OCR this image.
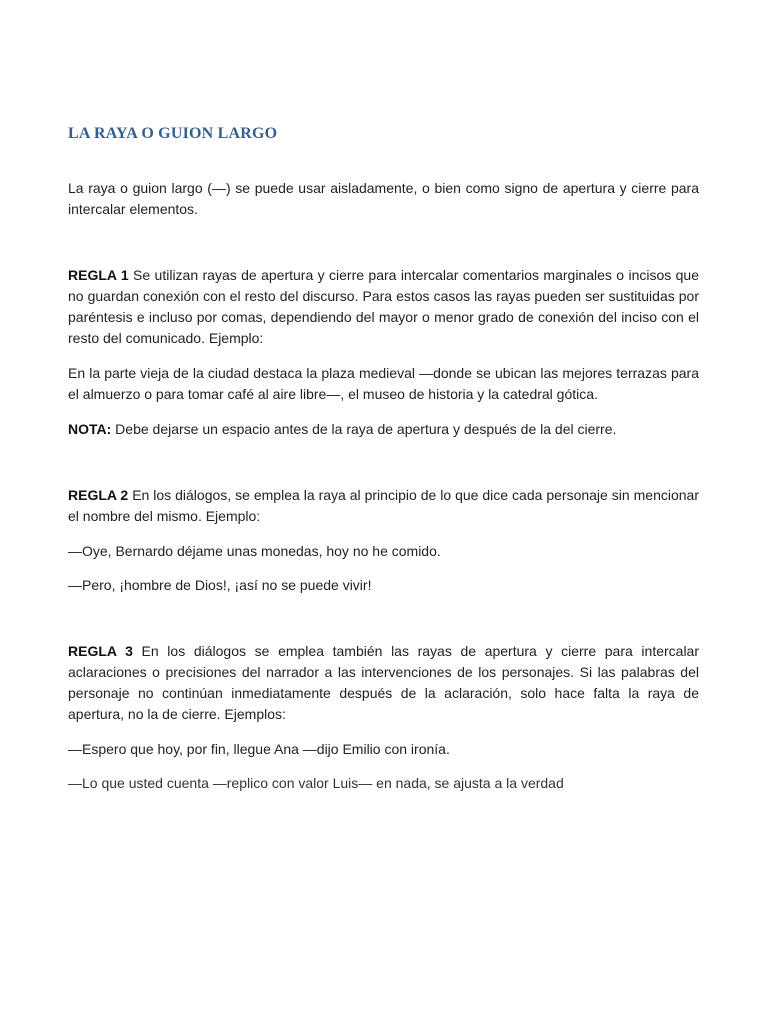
LA RAYA O GUION LARGO

La raya o guion largo (—) se puede usar aisladamente, o bien como signo de apertura y cierre para intercalar elementos.

REGLA 1 Se utilizan rayas de apertura y cierre para intercalar comentarios marginales o incisos que no guardan conexión con el resto del discurso. Para estos casos las rayas pueden ser sustituidas por paréntesis e incluso por comas, dependiendo del mayor o menor grado de conexión del inciso con el resto del comunicado. Ejemplo:

En la parte vieja de la ciudad destaca la plaza medieval —donde se ubican las mejores terrazas para el almuerzo o para tomar café al aire libre—, el museo de historia y la catedral gótica.

NOTA: Debe dejarse un espacio antes de la raya de apertura y después de la del cierre.

REGLA 2 En los diálogos, se emplea la raya al principio de lo que dice cada personaje sin mencionar el nombre del mismo. Ejemplo:

—Oye, Bernardo déjame unas monedas, hoy no he comido.

—Pero, ¡hombre de Dios!, ¡así no se puede vivir!

REGLA 3 En los diálogos se emplea también las rayas de apertura y cierre para intercalar aclaraciones o precisiones del narrador a las intervenciones de los personajes. Si las palabras del personaje no continúan inmediatamente después de la aclaración, solo hace falta la raya de apertura, no la de cierre. Ejemplos:

—Espero que hoy, por fin, llegue Ana —dijo Emilio con ironía.

—Lo que usted cuenta —replico con valor Luis— en nada, se ajusta a la verdad
